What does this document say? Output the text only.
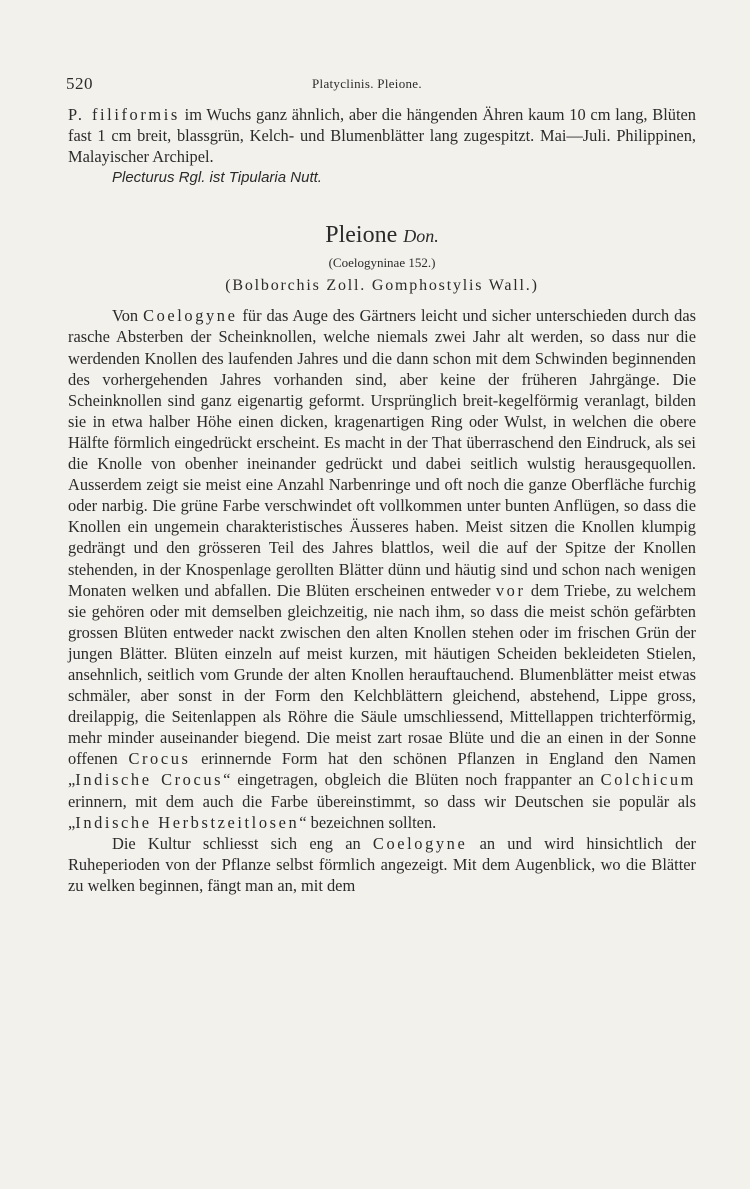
520	Platyclinis. Pleione.

P. filiformis im Wuchs ganz ähnlich, aber die hängenden Ähren kaum 10 cm lang, Blüten fast 1 cm breit, blassgrün, Kelch- und Blumenblätter lang zugespitzt. Mai—Juli. Philippinen, Malayischer Archipel.

Plecturus Rgl. ist Tipularia Nutt.

Pleione Don.
(Coelogyninae 152.)
(Bolborchis Zoll. Gomphostylis Wall.)

Von Coelogyne für das Auge des Gärtners leicht und sicher unterschieden durch das rasche Absterben der Scheinknollen, welche niemals zwei Jahr alt werden, so dass nur die werdenden Knollen des laufenden Jahres und die dann schon mit dem Schwinden beginnenden des vorhergehenden Jahres vorhanden sind, aber keine der früheren Jahrgänge. Die Scheinknollen sind ganz eigenartig geformt. Ursprünglich breit-kegelförmig veranlagt, bilden sie in etwa halber Höhe einen dicken, kragenartigen Ring oder Wulst, in welchen die obere Hälfte förmlich eingedrückt erscheint. Es macht in der That überraschend den Eindruck, als sei die Knolle von obenher ineinander gedrückt und dabei seitlich wulstig herausgequollen. Ausserdem zeigt sie meist eine Anzahl Narbenringe und oft noch die ganze Oberfläche furchig oder narbig. Die grüne Farbe verschwindet oft vollkommen unter bunten Anflügen, so dass die Knollen ein ungemein charakteristisches Äusseres haben. Meist sitzen die Knollen klumpig gedrängt und den grösseren Teil des Jahres blattlos, weil die auf der Spitze der Knollen stehenden, in der Knospenlage gerollten Blätter dünn und häutig sind und schon nach wenigen Monaten welken und abfallen. Die Blüten erscheinen entweder vor dem Triebe, zu welchem sie gehören oder mit demselben gleichzeitig, nie nach ihm, so dass die meist schön gefärbten grossen Blüten entweder nackt zwischen den alten Knollen stehen oder im frischen Grün der jungen Blätter. Blüten einzeln auf meist kurzen, mit häutigen Scheiden bekleideten Stielen, ansehnlich, seitlich vom Grunde der alten Knollen herauftauchend. Blumenblätter meist etwas schmäler, aber sonst in der Form den Kelchblättern gleichend, abstehend, Lippe gross, dreilappig, die Seitenlappen als Röhre die Säule umschliessend, Mittellappen trichterförmig, mehr minder auseinander biegend. Die meist zart rosae Blüte und die an einen in der Sonne offenen Crocus erinnernde Form hat den schönen Pflanzen in England den Namen „Indische Crocus“ eingetragen, obgleich die Blüten noch frappanter an Colchicum erinnern, mit dem auch die Farbe übereinstimmt, so dass wir Deutschen sie populär als „Indische Herbstzeitlosen“ bezeichnen sollten.

Die Kultur schliesst sich eng an Coelogyne an und wird hinsichtlich der Ruheperioden von der Pflanze selbst förmlich angezeigt. Mit dem Augenblick, wo die Blätter zu welken beginnen, fängt man an, mit dem
